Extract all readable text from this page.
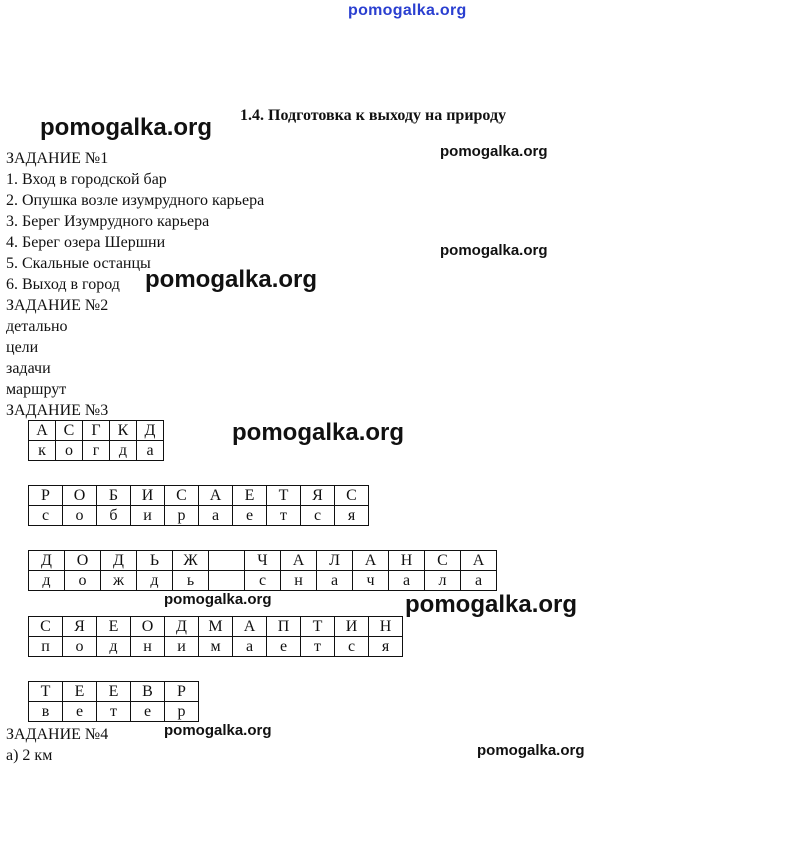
pomogalka.org
pomogalka.org
pomogalka.org
pomogalka.org
pomogalka.org
pomogalka.org
pomogalka.org	pomogalka.org
pomogalka.org
pomogalka.org
1.4. Подготовка к выходу на природу
ЗАДАНИЕ №1
1. Вход в городской бар
2. Опушка возле изумрудного карьера
3. Берег Изумрудного карьера
4. Берег озера Шершни
5. Скальные останцы
6. Выход в город
ЗАДАНИЕ №2
детально
цели
задачи
маршрут
ЗАДАНИЕ №3
А	С	Г	К	Д
к	о	г	д	а
Р	О	Б	И	С	А	Е	Т	Я	С
с	о	б	и	р	а	е	т	с	я
Д	О	Д	Ь	Ж		Ч	А	Л	А	Н	С	А
д	о	ж	д	ь		с	н	а	ч	а	л	а
С	Я	Е	О	Д	М	А	П	Т	И	Н
п	о	д	н	и	м	а	е	т	с	я
Т	Е	Е	В	Р
в	е	т	е	р
ЗАДАНИЕ №4
а) 2 км
